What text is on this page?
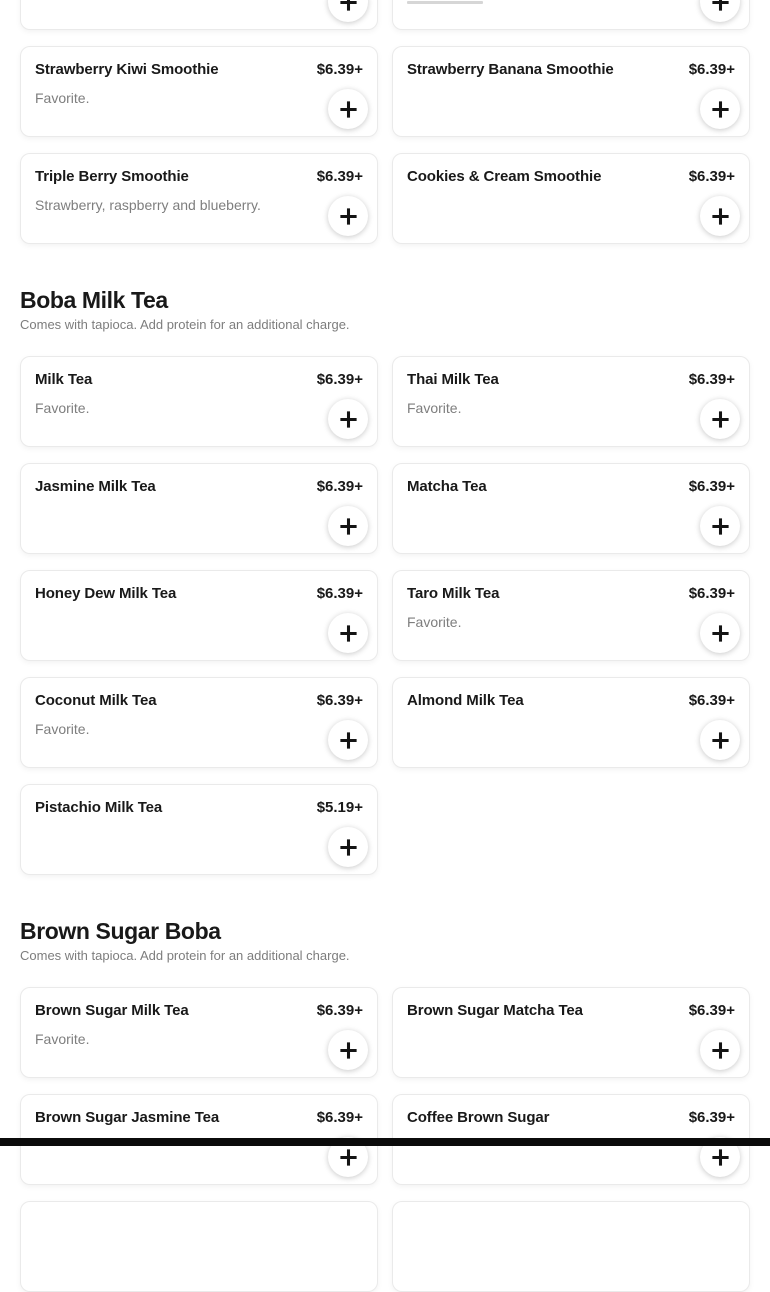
Strawberry Kiwi Smoothie	$6.39+
Favorite.
Strawberry Banana Smoothie	$6.39+
Triple Berry Smoothie	$6.39+
Strawberry, raspberry and blueberry.
Cookies & Cream Smoothie	$6.39+
Boba Milk Tea
Comes with tapioca. Add protein for an additional charge.
Milk Tea	$6.39+
Favorite.
Thai Milk Tea	$6.39+
Favorite.
Jasmine Milk Tea	$6.39+	Matcha Tea	$6.39+
Honey Dew Milk Tea	$6.39+	Taro Milk Tea	$6.39+
Favorite.
Coconut Milk Tea	$6.39+
Favorite.
Almond Milk Tea	$6.39+
Pistachio Milk Tea	$5.19+
Brown Sugar Boba
Comes with tapioca. Add protein for an additional charge.
Brown Sugar Milk Tea	$6.39+
Favorite.
Brown Sugar Matcha Tea	$6.39+
Brown Sugar Jasmine Tea	$6.39+	Coffee Brown Sugar	$6.39+
